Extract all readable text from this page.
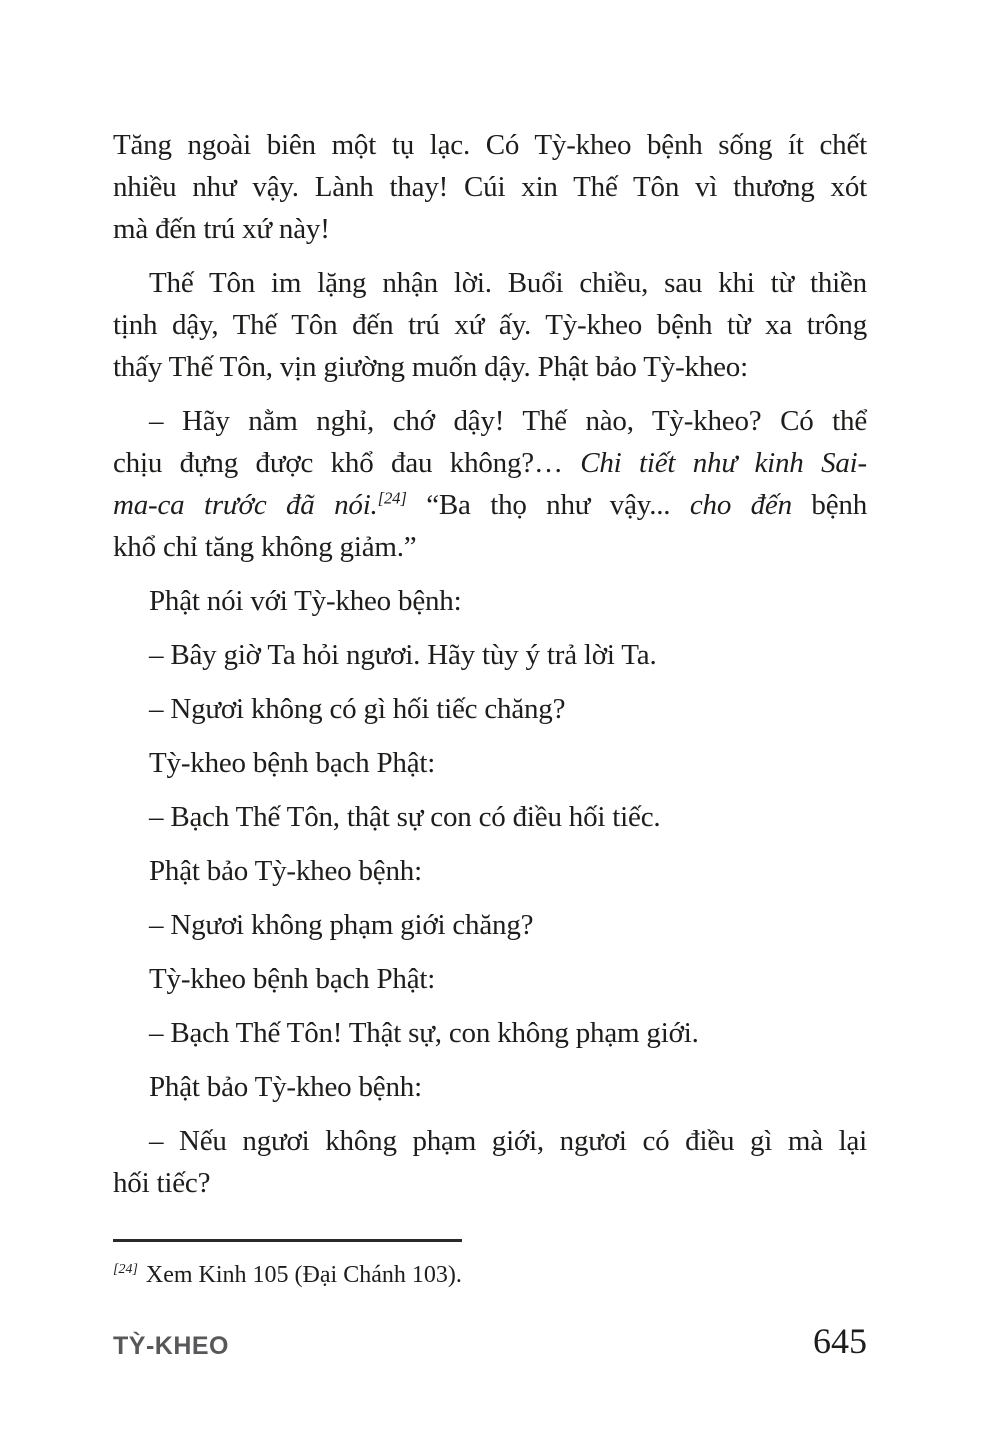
Tăng ngoài biên một tụ lạc. Có Tỳ-kheo bệnh sống ít chết
nhiều như vậy. Lành thay! Cúi xin Thế Tôn vì thương xót
mà đến trú xứ này!
Thế Tôn im lặng nhận lời. Buổi chiều, sau khi từ thiền
tịnh dậy, Thế Tôn đến trú xứ ấy. Tỳ-kheo bệnh từ xa trông
thấy Thế Tôn, vịn giường muốn dậy. Phật bảo Tỳ-kheo:
– Hãy nằm nghỉ, chớ dậy! Thế nào, Tỳ-kheo? Có thể
chịu đựng được khổ đau không?… Chi tiết như kinh Sai-
ma-ca trước đã nói.[24] “Ba thọ như vậy... cho đến bệnh
khổ chỉ tăng không giảm.”
Phật nói với Tỳ-kheo bệnh:
– Bây giờ Ta hỏi ngươi. Hãy tùy ý trả lời Ta.
– Ngươi không có gì hối tiếc chăng?
Tỳ-kheo bệnh bạch Phật:
– Bạch Thế Tôn, thật sự con có điều hối tiếc.
Phật bảo Tỳ-kheo bệnh:
– Ngươi không phạm giới chăng?
Tỳ-kheo bệnh bạch Phật:
– Bạch Thế Tôn! Thật sự, con không phạm giới.
Phật bảo Tỳ-kheo bệnh:
– Nếu ngươi không phạm giới, ngươi có điều gì mà lại
hối tiếc?
[24] Xem Kinh 105 (Đại Chánh 103).
TỲ-KHEO	645
